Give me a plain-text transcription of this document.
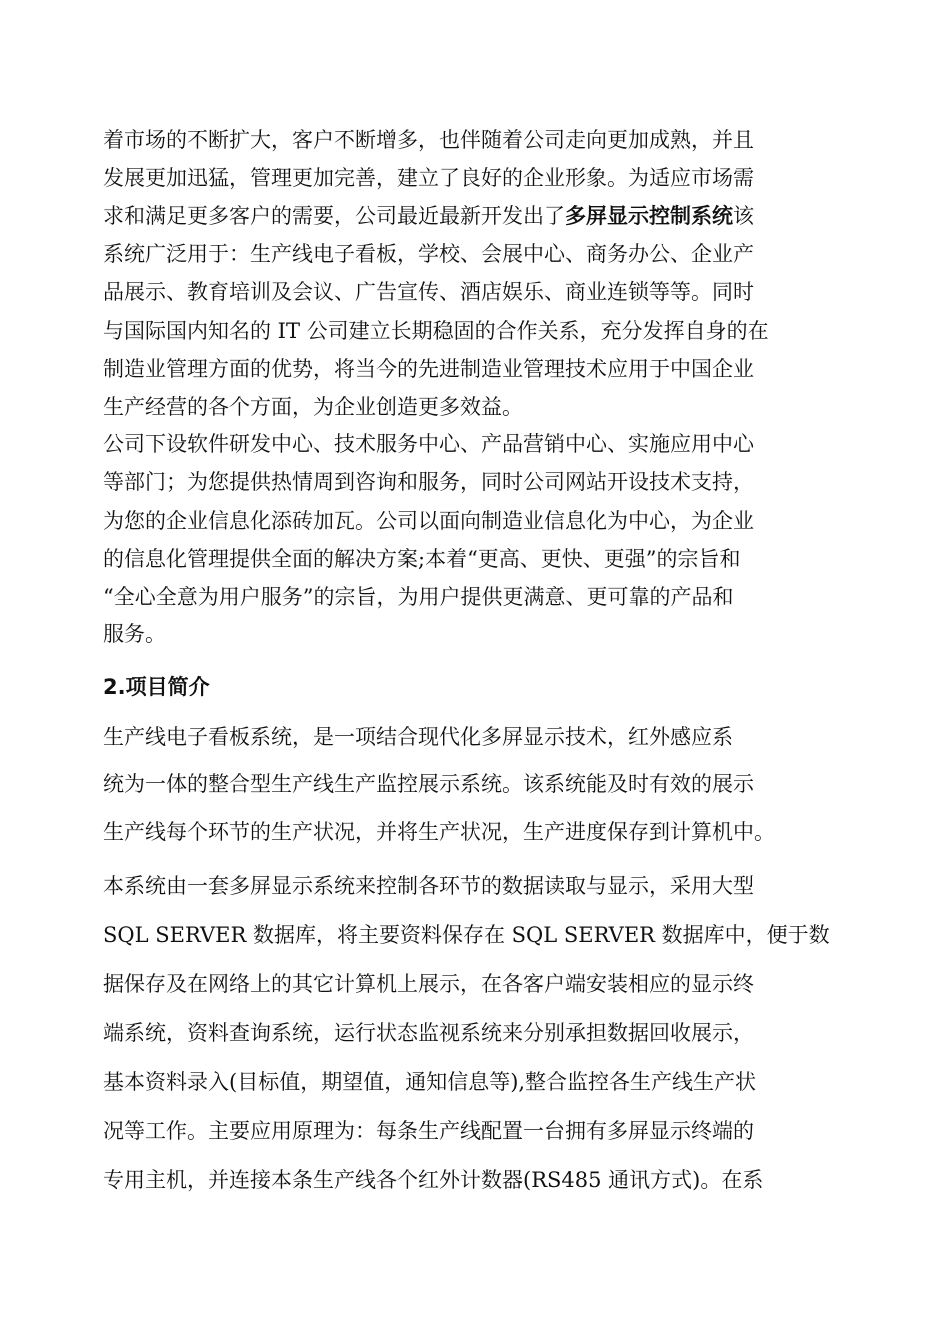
着市场的不断扩大，客户不断增多，也伴随着公司走向更加成熟，并且

发展更加迅猛，管理更加完善，建立了良好的企业形象。为适应市场需

求和满足更多客户的需要，公司最近最新开发出了多屏显示控制系统该

系统广泛用于：生产线电子看板，学校、会展中心、商务办公、企业产

品展示、教育培训及会议、广告宣传、酒店娱乐、商业连锁等等。同时

与国际国内知名的 IT 公司建立长期稳固的合作关系，充分发挥自身的在

制造业管理方面的优势，将当今的先进制造业管理技术应用于中国企业

生产经营的各个方面，为企业创造更多效益。

公司下设软件研发中心、技术服务中心、产品营销中心、实施应用中心

等部门；为您提供热情周到咨询和服务，同时公司网站开设技术支持，

为您的企业信息化添砖加瓦。公司以面向制造业信息化为中心，为企业

的信息化管理提供全面的解决方案;本着“更高、更快、更强”的宗旨和

“全心全意为用户服务”的宗旨，为用户提供更满意、更可靠的产品和

服务。

2.项目简介

生产线电子看板系统，是一项结合现代化多屏显示技术，红外感应系

统为一体的整合型生产线生产监控展示系统。该系统能及时有效的展示

生产线每个环节的生产状况，并将生产状况，生产进度保存到计算机中。

本系统由一套多屏显示系统来控制各环节的数据读取与显示，采用大型

SQL SERVER 数据库，将主要资料保存在 SQL SERVER 数据库中，便于数

据保存及在网络上的其它计算机上展示，在各客户端安装相应的显示终

端系统，资料查询系统，运行状态监视系统来分别承担数据回收展示，

基本资料录入(目标值，期望值，通知信息等),整合监控各生产线生产状

况等工作。主要应用原理为：每条生产线配置一台拥有多屏显示终端的

专用主机，并连接本条生产线各个红外计数器(RS485 通讯方式)。在系
